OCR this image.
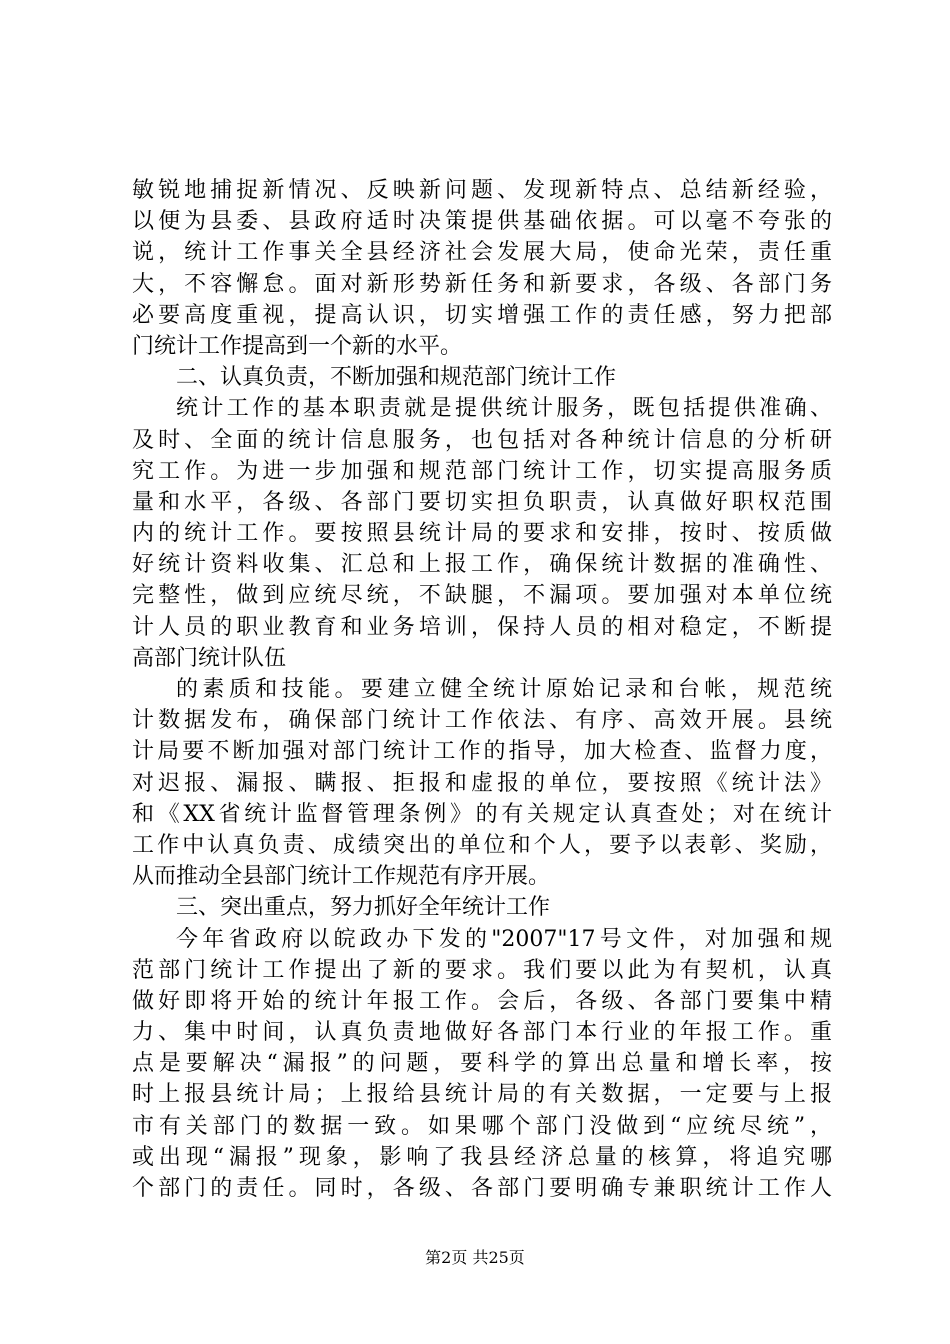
敏锐地捕捉新情况、反映新问题、发现新特点、总结新经验，
以便为县委、县政府适时决策提供基础依据。可以毫不夸张的
说，统计工作事关全县经济社会发展大局，使命光荣，责任重
大，不容懈怠。面对新形势新任务和新要求，各级、各部门务
必要高度重视，提高认识，切实增强工作的责任感，努力把部
门统计工作提高到一个新的水平。
二、认真负责，不断加强和规范部门统计工作
统计工作的基本职责就是提供统计服务，既包括提供准确、
及时、全面的统计信息服务，也包括对各种统计信息的分析研
究工作。为进一步加强和规范部门统计工作，切实提高服务质
量和水平，各级、各部门要切实担负职责，认真做好职权范围
内的统计工作。要按照县统计局的要求和安排，按时、按质做
好统计资料收集、汇总和上报工作，确保统计数据的准确性、
完整性，做到应统尽统，不缺腿，不漏项。要加强对本单位统
计人员的职业教育和业务培训，保持人员的相对稳定，不断提
高部门统计队伍
的素质和技能。要建立健全统计原始记录和台帐，规范统
计数据发布，确保部门统计工作依法、有序、高效开展。县统
计局要不断加强对部门统计工作的指导，加大检查、监督力度，
对迟报、漏报、瞒报、拒报和虚报的单位，要按照《统计法》
和《XX省统计监督管理条例》的有关规定认真查处；对在统计
工作中认真负责、成绩突出的单位和个人，要予以表彰、奖励，
从而推动全县部门统计工作规范有序开展。
三、突出重点，努力抓好全年统计工作
今年省政府以皖政办下发的"2007"17号文件，对加强和规
范部门统计工作提出了新的要求。我们要以此为有契机，认真
做好即将开始的统计年报工作。会后，各级、各部门要集中精
力、集中时间，认真负责地做好各部门本行业的年报工作。重
点是要解决“漏报”的问题，要科学的算出总量和增长率，按
时上报县统计局；上报给县统计局的有关数据，一定要与上报
市有关部门的数据一致。如果哪个部门没做到“应统尽统”，
或出现“漏报”现象，影响了我县经济总量的核算，将追究哪
个部门的责任。同时，各级、各部门要明确专兼职统计工作人
第2页 共25页
